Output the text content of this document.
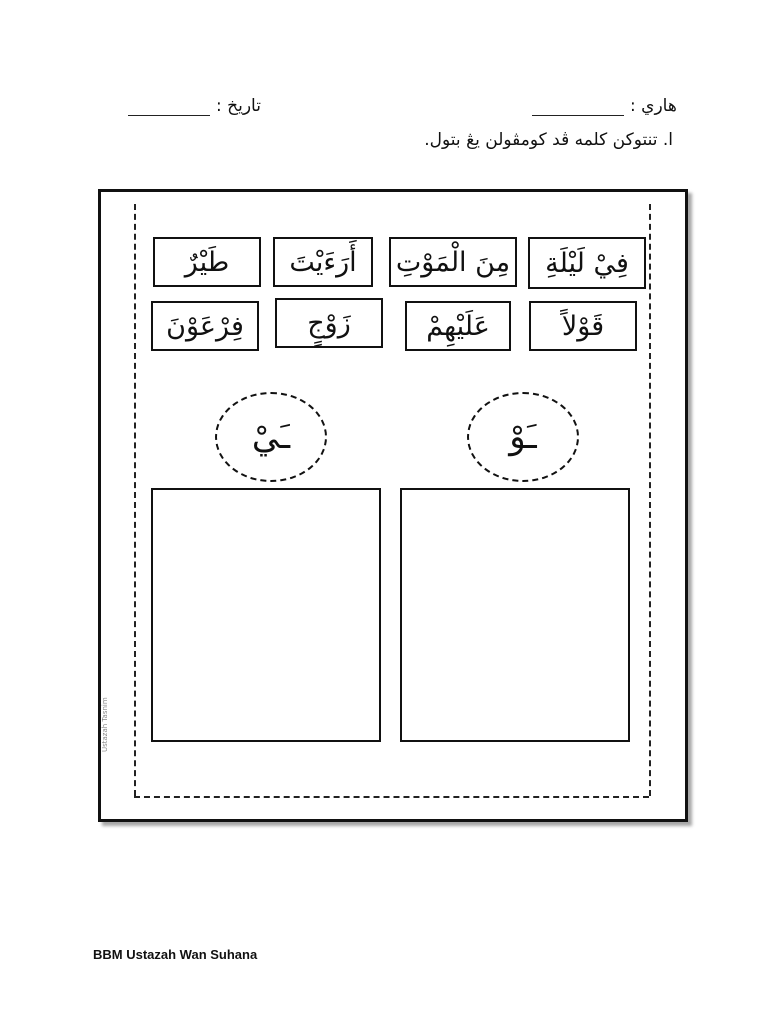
هاري :
تاريخ :
ا. تنتوكن كلمه ڤد كومڤولن يڠ بتول.
Ustazah Tasnim
فِيْ لَيْلَةِ
مِنَ الْمَوْتِ
أَرَءَيْتَ
طَيْرٌ
قَوْلاً
عَلَيْهِمْ
زَوْجٍ
فِرْعَوْنَ
ـَوْ
ـَيْ
BBM Ustazah Wan Suhana
